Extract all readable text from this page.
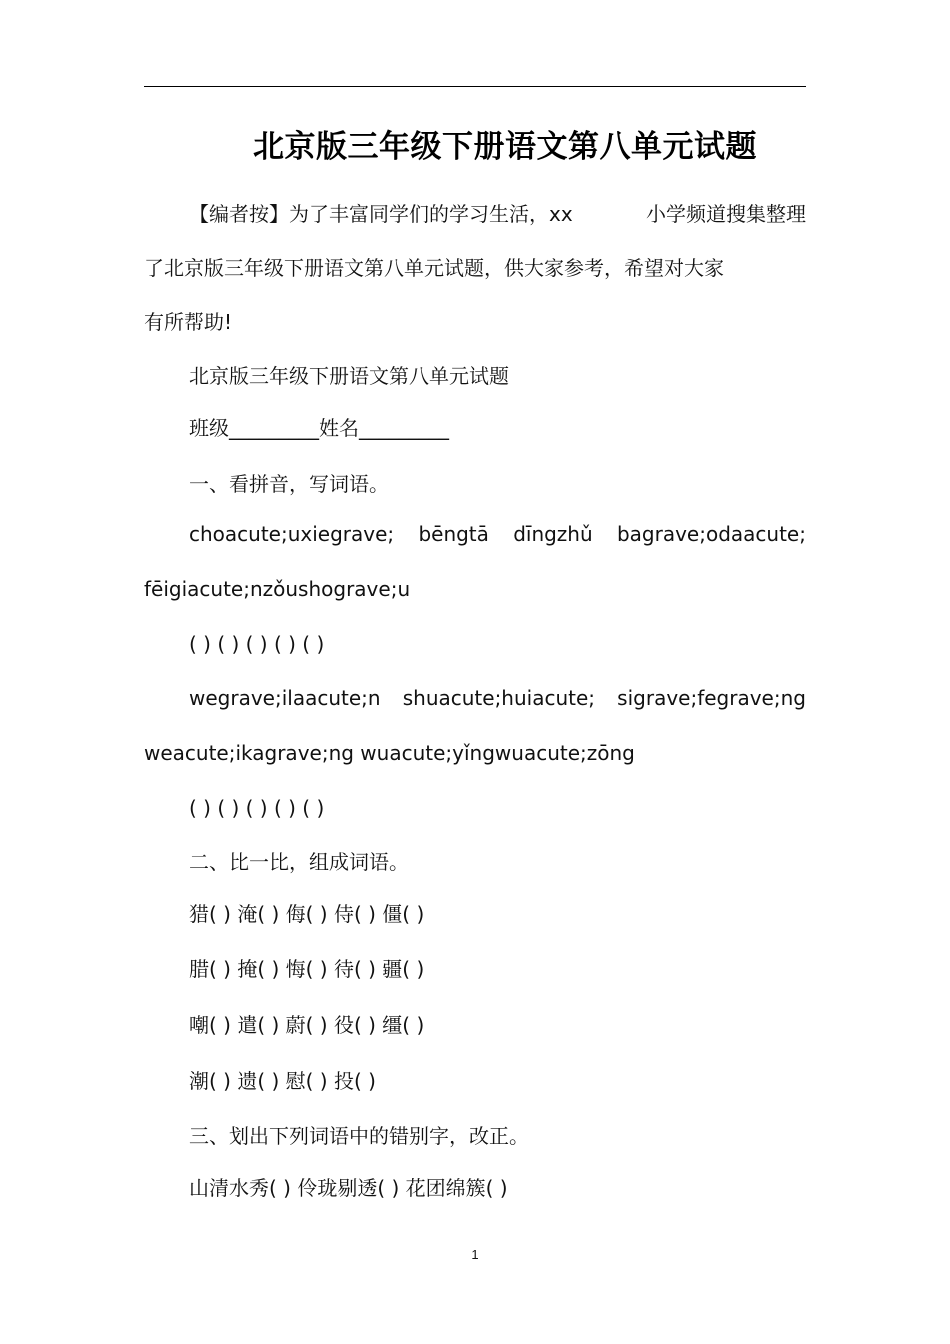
北京版三年级下册语文第八单元试题
【编者按】为了丰富同学们的学习生活，xx	小学频道搜集整理
了北京版三年级下册语文第八单元试题，供大家参考，希望对大家
有所帮助!
北京版三年级下册语文第八单元试题
班级_________姓名_________
一、看拼音，写词语。
choacute;uxiegrave; bēngtā dīngzhǔ bagrave;odaacute;
fēigiacute;nzǒushograve;u
( ) ( ) ( ) ( ) ( )
wegrave;ilaacute;n shuacute;huiacute; sigrave;fegrave;ng
weacute;ikagrave;ng wuacute;yǐngwuacute;zōng
( ) ( ) ( ) ( ) ( )
二、比一比，组成词语。
猎( ) 淹( ) 侮( ) 侍( ) 僵( )
腊( ) 掩( ) 悔( ) 待( ) 疆( )
嘲( ) 遣( ) 蔚( ) 役( ) 缰( )
潮( ) 遗( ) 慰( ) 投( )
三、划出下列词语中的错别字，改正。
山清水秀( ) 伶珑剔透( ) 花团绵簇( )
1
